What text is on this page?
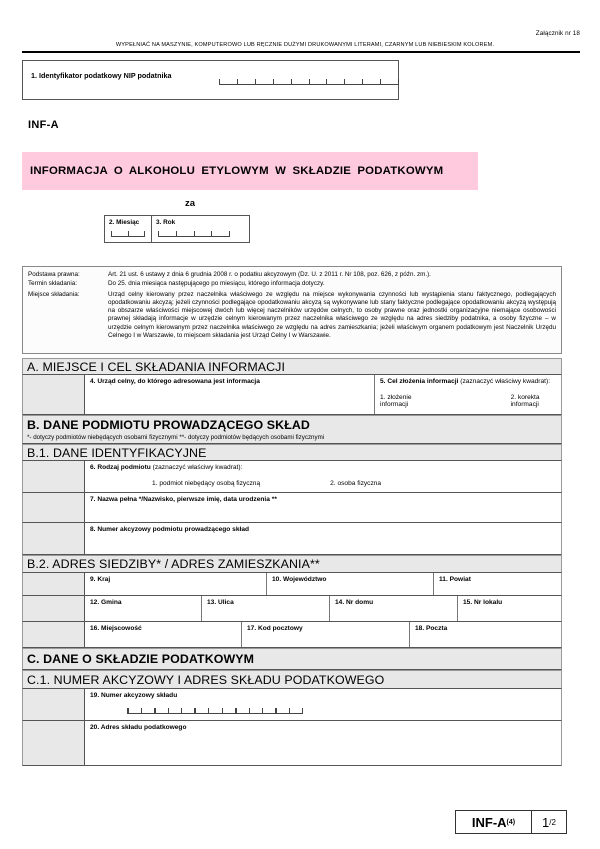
Załącznik nr 18
WYPEŁNIAĆ NA MASZYNIE, KOMPUTEROWO LUB RĘCZNIE DUŻYMI DRUKOWANYMI LITERAMI, CZARNYM LUB NIEBIESKIM KOLOREM.
1. Identyfikator podatkowy NIP podatnika
INF-A
INFORMACJA O ALKOHOLU ETYLOWYM W SKŁADZIE PODATKOWYM
za
2. Miesiąc	3. Rok
Podstawa prawna:	Art. 21 ust. 6 ustawy z dnia 6 grudnia 2008 r. o podatku akcyzowym (Dz. U. z 2011 r. Nr 108, poz. 626, z późn. zm.).
Termin składania:	Do 25. dnia miesiąca następującego po miesiącu, którego informacja dotyczy.
Miejsce składania:	Urząd celny kierowany przez naczelnika właściwego ze względu na miejsce wykonywania czynności lub wystąpienia stanu faktycznego, podlegających opodatkowaniu akcyzą; jeżeli czynności podlegające opodatkowaniu akcyzą są wykonywane lub stany faktyczne podlegające opodatkowaniu akcyzą występują na obszarze właściwości miejscowej dwóch lub więcej naczelników urzędów celnych, to osoby prawne oraz jednostki organizacyjne niemające osobowości prawnej składają informacje w urzędzie celnym kierowanym przez naczelnika właściwego ze względu na adres siedziby podatnika, a osoby fizyczne – w urzędzie celnym kierowanym przez naczelnika właściwego ze względu na adres zamieszkania; jeżeli właściwym organem podatkowym jest Naczelnik Urzędu Celnego I w Warszawie, to miejscem składania jest Urząd Celny I w Warszawie.
A. MIEJSCE I CEL SKŁADANIA INFORMACJI
4. Urząd celny, do którego adresowana jest informacja	5. Cel złożenia informacji (zaznaczyć właściwy kwadrat):
1. złożenie informacji
2. korekta informacji
B. DANE PODMIOTU PROWADZĄCEGO SKŁAD
*- dotyczy podmiotów niebędących osobami fizycznymi **- dotyczy podmiotów będących osobami fizycznymi
B.1. DANE IDENTYFIKACYJNE
6. Rodzaj podmiotu (zaznaczyć właściwy kwadrat):
1. podmiot niebędący osobą fizyczną	2. osoba fizyczna
7. Nazwa pełna */Nazwisko, pierwsze imię, data urodzenia **
8. Numer akcyzowy podmiotu prowadzącego skład
B.2. ADRES SIEDZIBY* / ADRES ZAMIESZKANIA**
9. Kraj	10. Województwo	11. Powiat
12. Gmina	13. Ulica	14. Nr domu	15. Nr lokalu
16. Miejscowość	17. Kod pocztowy	18. Poczta
C. DANE O SKŁADZIE PODATKOWYM
C.1. NUMER AKCYZOWY I ADRES SKŁADU PODATKOWEGO
19. Numer akcyzowy składu
20. Adres składu podatkowego
INF-A (4) 1 /2
